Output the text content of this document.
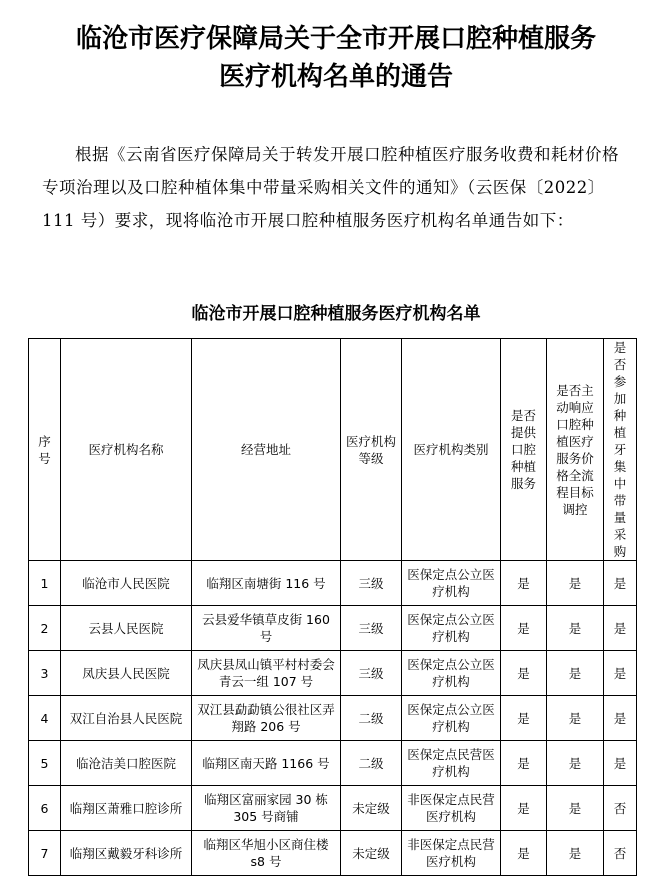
临沧市医疗保障局关于全市开展口腔种植服务
医疗机构名单的通告
根据《云南省医疗保障局关于转发开展口腔种植医疗服务收费和耗材价格专项治理以及口腔种植体集中带量采购相关文件的通知》（云医保〔2022〕111 号）要求，现将临沧市开展口腔种植服务医疗机构名单通告如下：
临沧市开展口腔种植服务医疗机构名单
序号	医疗机构名称	经营地址	医疗机构等级	医疗机构类别	是否提供口腔种植服务	是否主动响应口腔种植医疗服务价格全流程目标调控	是否参加种植牙集中带量采购
1	临沧市人民医院	临翔区南塘街 116 号	三级	医保定点公立医疗机构	是	是	是
2	云县人民医院	云县爱华镇草皮街 160 号	三级	医保定点公立医疗机构	是	是	是
3	凤庆县人民医院	凤庆县凤山镇平村村委会青云一组 107 号	三级	医保定点公立医疗机构	是	是	是
4	双江自治县人民医院	双江县勐勐镇公很社区弄翔路 206 号	二级	医保定点公立医疗机构	是	是	是
5	临沧洁美口腔医院	临翔区南天路 1166 号	二级	医保定点民营医疗机构	是	是	是
6	临翔区萧雅口腔诊所	临翔区富丽家园 30 栋 305 号商铺	未定级	非医保定点民营医疗机构	是	是	否
7	临翔区戴毅牙科诊所	临翔区华旭小区商住楼 s8 号	未定级	非医保定点民营医疗机构	是	是	否
